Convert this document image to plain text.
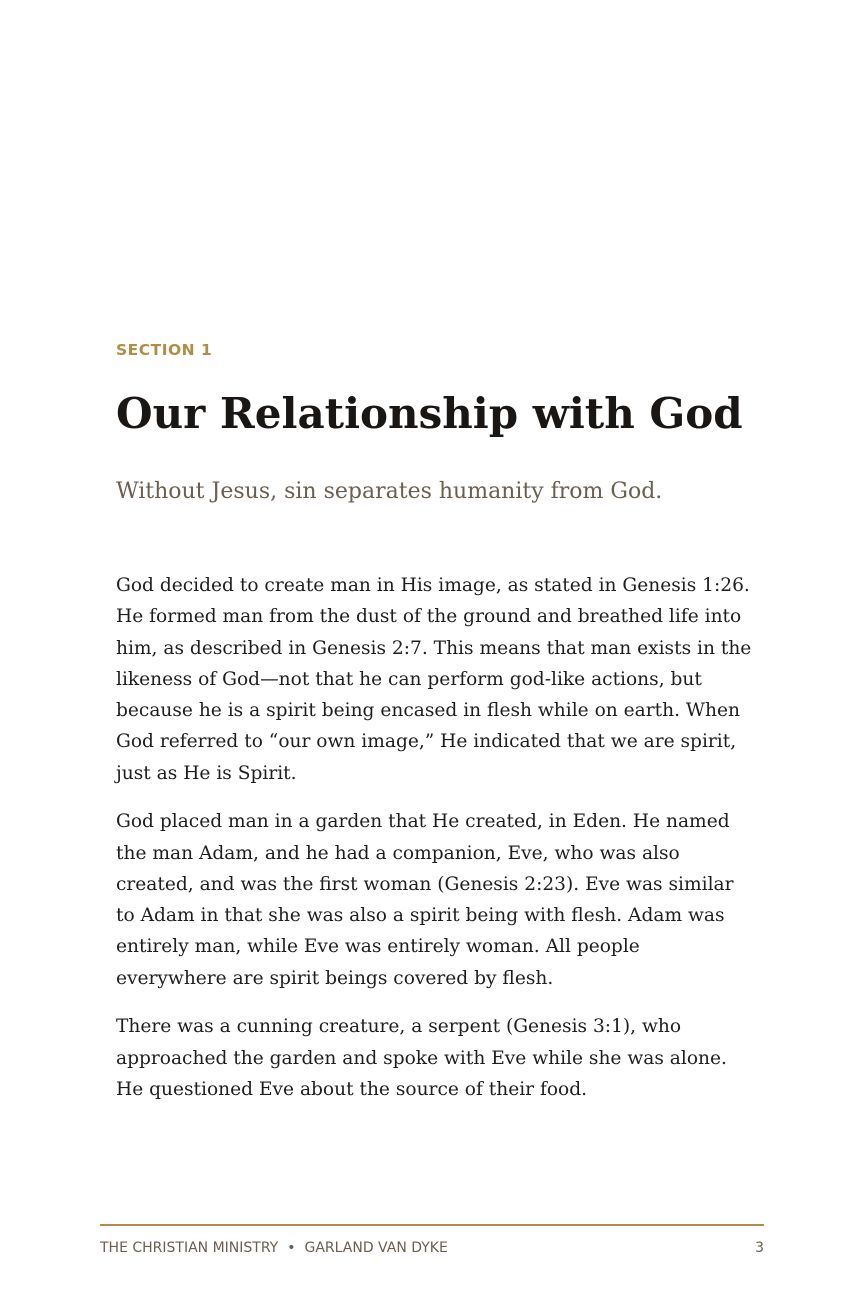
SECTION 1
Our Relationship with God

Without Jesus, sin separates humanity from God.

God decided to create man in His image, as stated in Genesis 1:26. He formed man from the dust of the ground and breathed life into him, as described in Genesis 2:7. This means that man exists in the likeness of God—not that he can perform god-like actions, but because he is a spirit being encased in flesh while on earth. When God referred to “our own image,” He indicated that we are spirit, just as He is Spirit.

God placed man in a garden that He created, in Eden. He named the man Adam, and he had a companion, Eve, who was also created, and was the first woman (Genesis 2:23). Eve was similar to Adam in that she was also a spirit being with flesh. Adam was entirely man, while Eve was entirely woman. All people everywhere are spirit beings covered by flesh.

There was a cunning creature, a serpent (Genesis 3:1), who approached the garden and spoke with Eve while she was alone. He questioned Eve about the source of their food.

THE CHRISTIAN MINISTRY • GARLAND VAN DYKE	3
